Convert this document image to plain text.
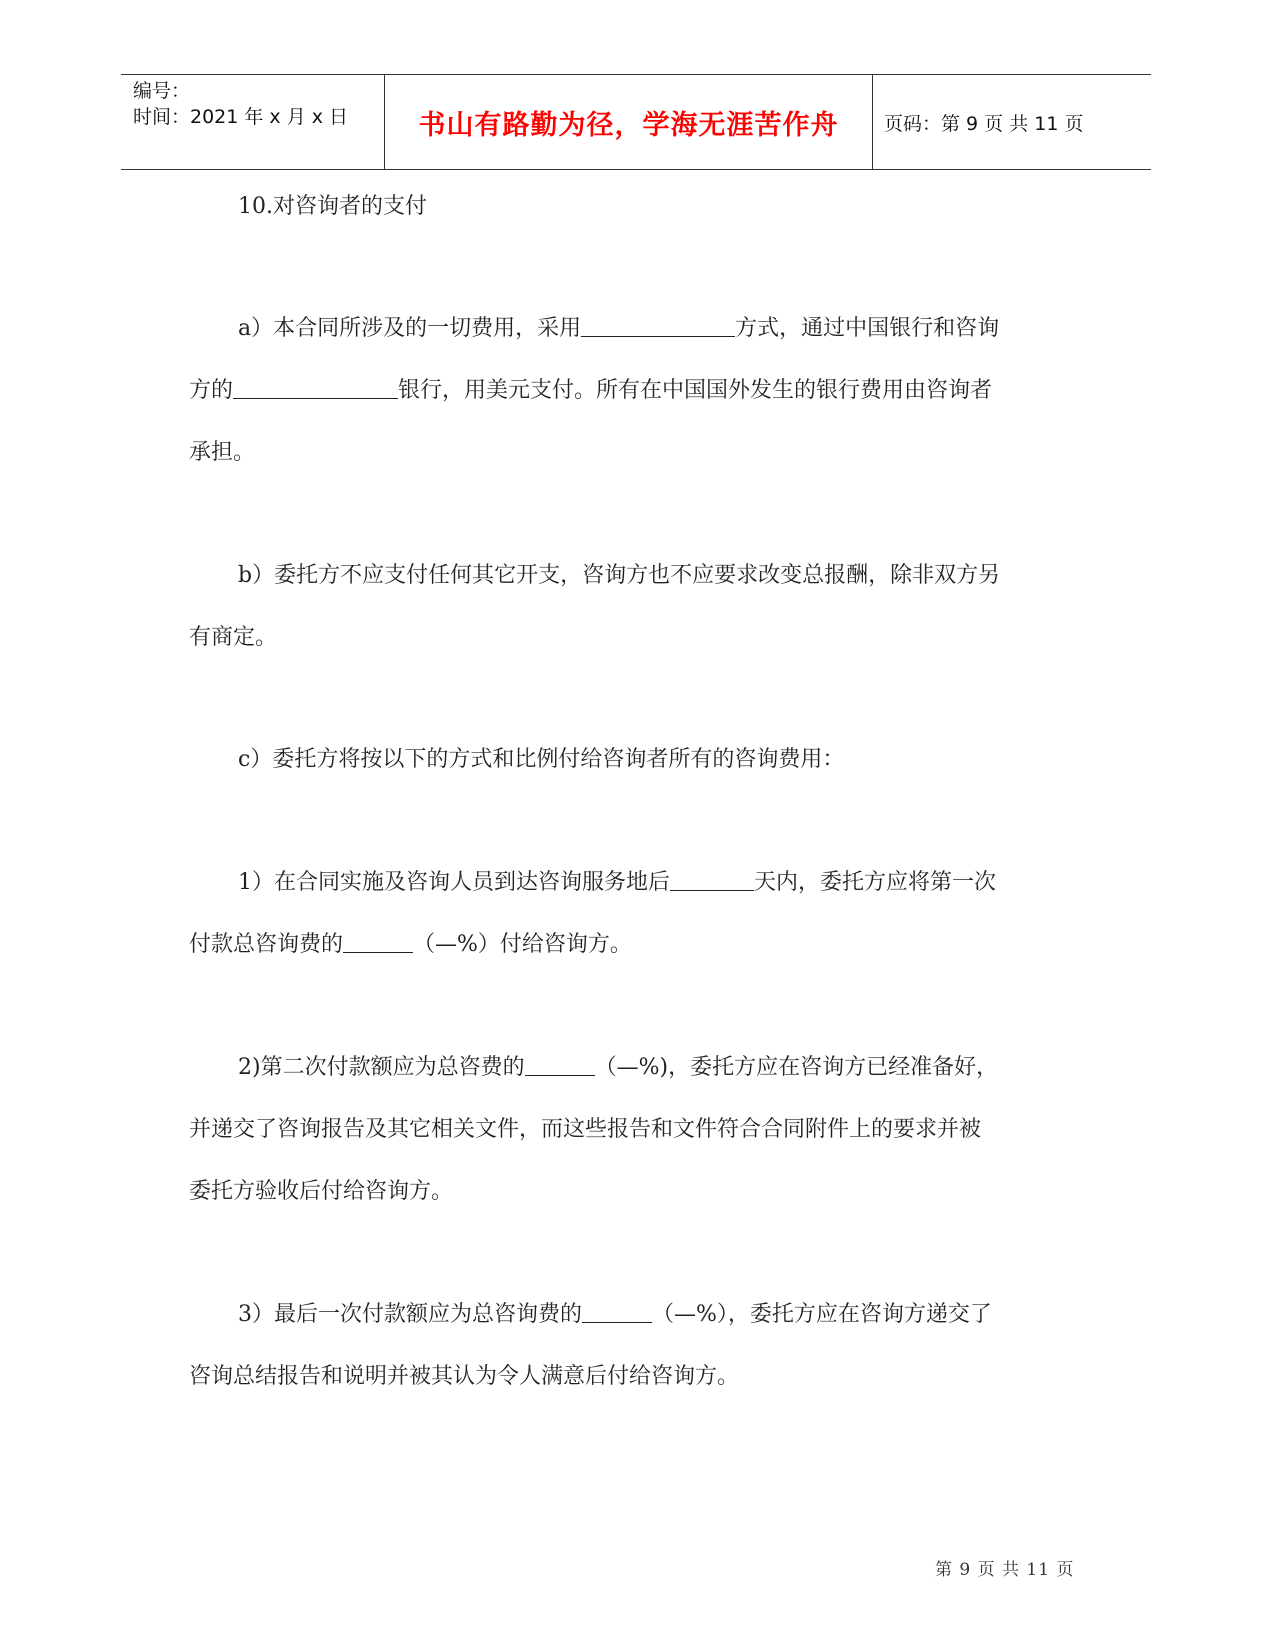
编号：
时间：2021 年 x 月 x 日	书山有路勤为径，学海无涯苦作舟	页码：第 9 页 共 11 页
10.对咨询者的支付
a）本合同所涉及的一切费用，采用	方式，通过中国银行和咨询
方的	银行，用美元支付。所有在中国国外发生的银行费用由咨询者
承担。
b）委托方不应支付任何其它开支，咨询方也不应要求改变总报酬，除非双方另
有商定。
c）委托方将按以下的方式和比例付给咨询者所有的咨询费用：
1）在合同实施及咨询人员到达咨询服务地后	天内，委托方应将第一次
付款总咨询费的	（—%）付给咨询方。
2)第二次付款额应为总咨费的	（—%)，委托方应在咨询方已经准备好，
并递交了咨询报告及其它相关文件，而这些报告和文件符合合同附件上的要求并被
委托方验收后付给咨询方。
3）最后一次付款额应为总咨询费的	（—%），委托方应在咨询方递交了
咨询总结报告和说明并被其认为令人满意后付给咨询方。
第 9 页 共 11 页
